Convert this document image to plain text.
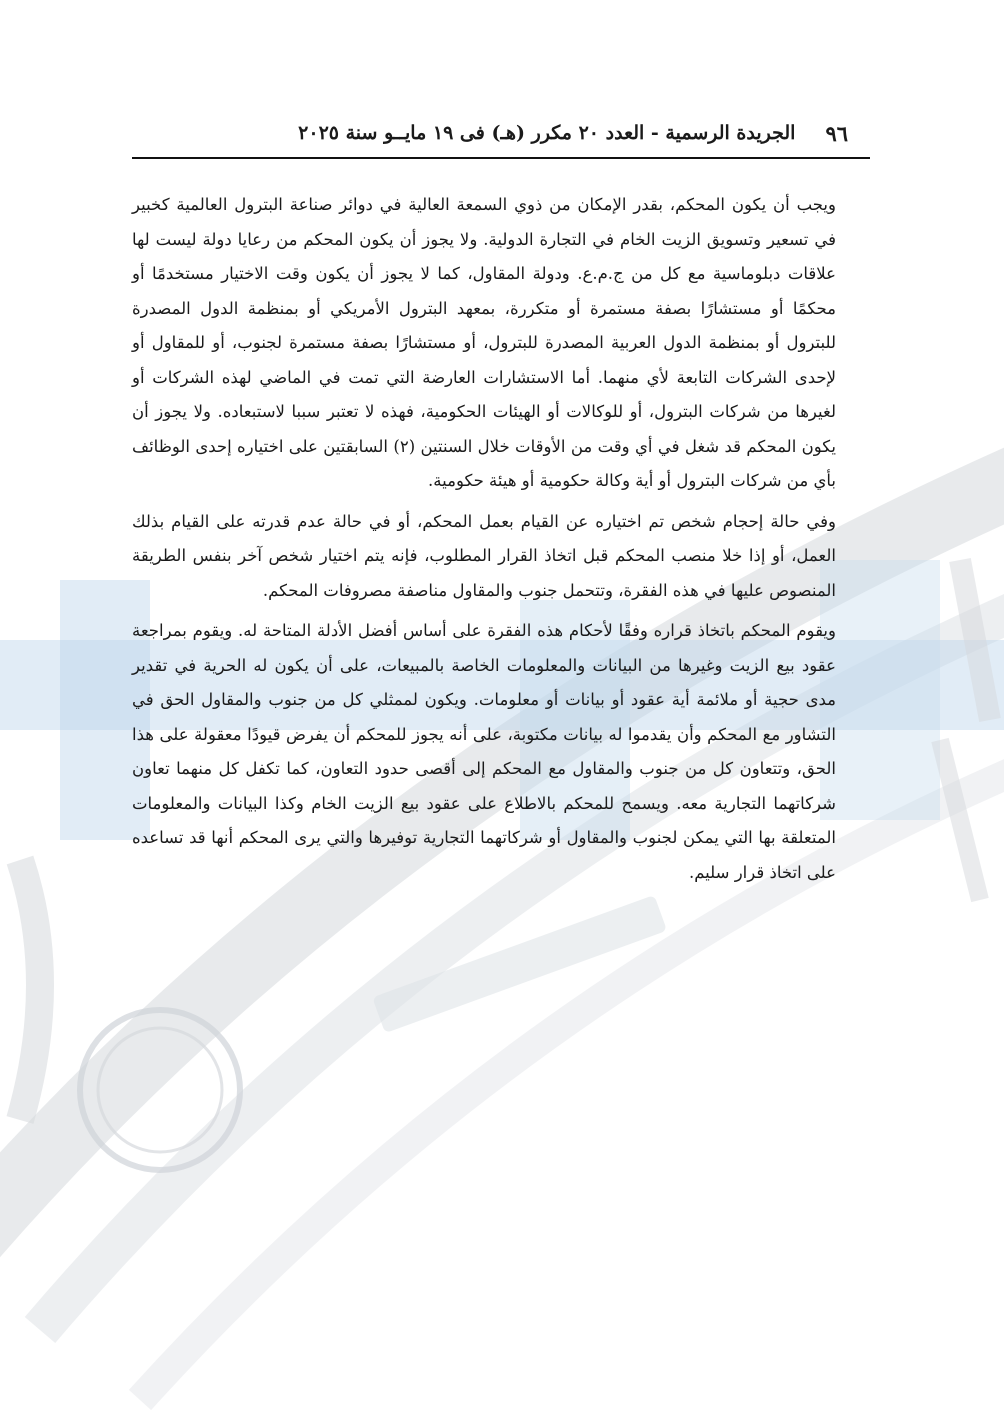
٩٦
الجريدة الرسمية - العدد ٢٠ مكرر (هـ) فى ١٩ مايــو سنة ٢٠٢٥

ويجب أن يكون المحكم، بقدر الإمكان من ذوي السمعة العالية في دوائر صناعة البترول العالمية كخبير في تسعير وتسويق الزيت الخام في التجارة الدولية. ولا يجوز أن يكون المحكم من رعايا دولة ليست لها علاقات دبلوماسية مع كل من ج.م.ع. ودولة المقاول، كما لا يجوز أن يكون وقت الاختيار مستخدمًا أو محكمًا أو مستشارًا بصفة مستمرة أو متكررة، بمعهد البترول الأمريكي أو بمنظمة الدول المصدرة للبترول أو بمنظمة الدول العربية المصدرة للبترول، أو مستشارًا بصفة مستمرة لجنوب، أو للمقاول أو لإحدى الشركات التابعة لأي منهما. أما الاستشارات العارضة التي تمت في الماضي لهذه الشركات أو لغيرها من شركات البترول، أو للوكالات أو الهيئات الحكومية، فهذه لا تعتبر سببا لاستبعاده. ولا يجوز أن يكون المحكم قد شغل في أي وقت من الأوقات خلال السنتين (٢) السابقتين على اختياره إحدى الوظائف بأي من شركات البترول أو أية وكالة حكومية أو هيئة حكومية.

وفي حالة إحجام شخص تم اختياره عن القيام بعمل المحكم، أو في حالة عدم قدرته على القيام بذلك العمل، أو إذا خلا منصب المحكم قبل اتخاذ القرار المطلوب، فإنه يتم اختيار شخص آخر بنفس الطريقة المنصوص عليها في هذه الفقرة، وتتحمل جنوب والمقاول مناصفة مصروفات المحكم.

ويقوم المحكم باتخاذ قراره وفقًا لأحكام هذه الفقرة على أساس أفضل الأدلة المتاحة له. ويقوم بمراجعة عقود بيع الزيت وغيرها من البيانات والمعلومات الخاصة بالمبيعات، على أن يكون له الحرية في تقدير مدى حجية أو ملائمة أية عقود أو بيانات أو معلومات. ويكون لممثلي كل من جنوب والمقاول الحق في التشاور مع المحكم وأن يقدموا له بيانات مكتوبة، على أنه يجوز للمحكم أن يفرض قيودًا معقولة على هذا الحق، وتتعاون كل من جنوب والمقاول مع المحكم إلى أقصى حدود التعاون، كما تكفل كل منهما تعاون شركاتهما التجارية معه. ويسمح للمحكم بالاطلاع على عقود بيع الزيت الخام وكذا البيانات والمعلومات المتعلقة بها التي يمكن لجنوب والمقاول أو شركاتهما التجارية توفيرها والتي يرى المحكم أنها قد تساعده على اتخاذ قرار سليم.
